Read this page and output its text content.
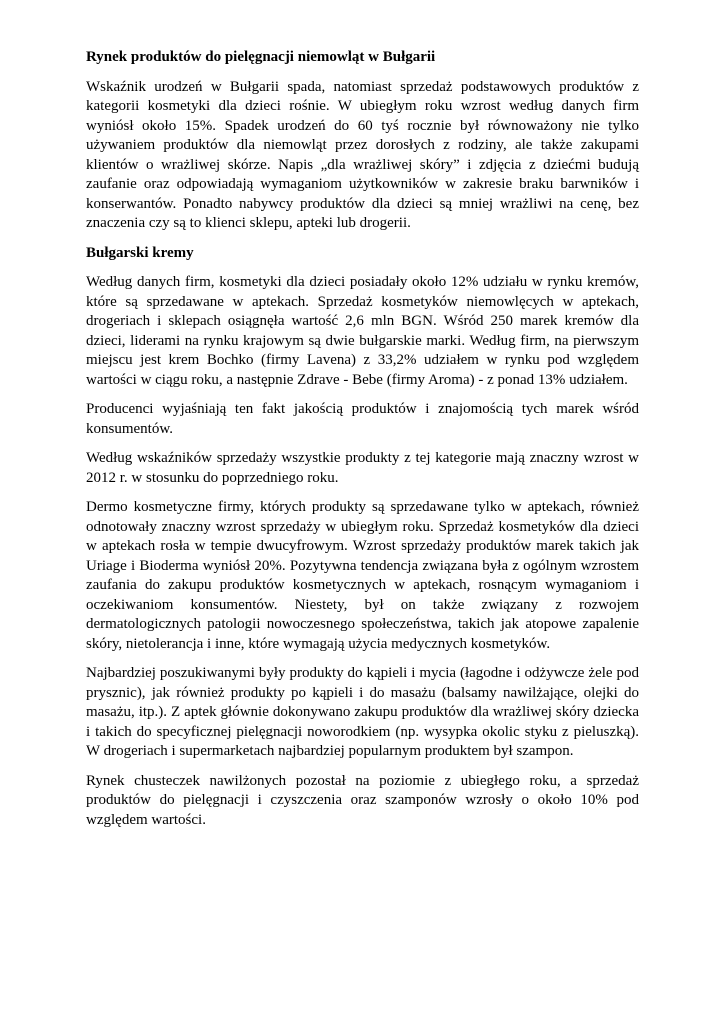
Rynek produktów do pielęgnacji niemowląt w Bułgarii

Wskaźnik urodzeń w Bułgarii spada, natomiast sprzedaż podstawowych produktów z kategorii kosmetyki dla dzieci rośnie. W ubiegłym roku wzrost według danych firm wyniósł około 15%. Spadek urodzeń do 60 tyś rocznie był równoważony nie tylko używaniem produktów dla niemowląt przez dorosłych z rodziny, ale także zakupami klientów o wrażliwej skórze. Napis „dla wrażliwej skóry” i zdjęcia z dziećmi budują zaufanie oraz odpowiadają wymaganiom użytkowników w zakresie braku barwników i konserwantów. Ponadto nabywcy produktów dla dzieci są mniej wrażliwi na cenę, bez znaczenia czy są to klienci sklepu, apteki lub drogerii.

Bułgarski kremy

Według danych firm, kosmetyki dla dzieci posiadały około 12% udziału w rynku kremów, które są sprzedawane w aptekach. Sprzedaż kosmetyków niemowlęcych w aptekach, drogeriach i sklepach osiągnęła wartość 2,6 mln BGN. Wśród 250 marek kremów dla dzieci, liderami na rynku krajowym są dwie bułgarskie marki. Według firm, na pierwszym miejscu jest krem Bochko (firmy Lavena) z 33,2% udziałem w rynku pod względem wartości w ciągu roku, a następnie Zdrave - Bebe (firmy Aroma) - z ponad 13% udziałem.

Producenci wyjaśniają ten fakt jakością produktów i znajomością tych marek wśród konsumentów.

Według wskaźników sprzedaży wszystkie produkty z tej kategorie mają znaczny wzrost w 2012 r. w stosunku do poprzedniego roku.

Dermo kosmetyczne firmy, których produkty są sprzedawane tylko w aptekach, również odnotowały znaczny wzrost sprzedaży w ubiegłym roku. Sprzedaż kosmetyków dla dzieci w aptekach rosła w tempie dwucyfrowym. Wzrost sprzedaży produktów marek takich jak Uriage i Bioderma wyniósł 20%. Pozytywna tendencja związana była z ogólnym wzrostem zaufania do zakupu produktów kosmetycznych w aptekach, rosnącym wymaganiom i oczekiwaniom konsumentów. Niestety, był on także związany z rozwojem dermatologicznych patologii nowoczesnego społeczeństwa, takich jak atopowe zapalenie skóry, nietolerancja i inne, które wymagają użycia medycznych kosmetyków.

Najbardziej poszukiwanymi były produkty do kąpieli i mycia (łagodne i odżywcze żele pod prysznic), jak również produkty po kąpieli i do masażu (balsamy nawilżające, olejki do masażu, itp.). Z aptek głównie dokonywano zakupu produktów dla wrażliwej skóry dziecka i takich do specyficznej pielęgnacji noworodkiem (np. wysypka okolic styku z pieluszką). W drogeriach i supermarketach najbardziej popularnym produktem był szampon.

Rynek chusteczek nawilżonych pozostał na poziomie z ubiegłego roku, a sprzedaż produktów do pielęgnacji i czyszczenia oraz szamponów wzrosły o około 10% pod względem wartości.
